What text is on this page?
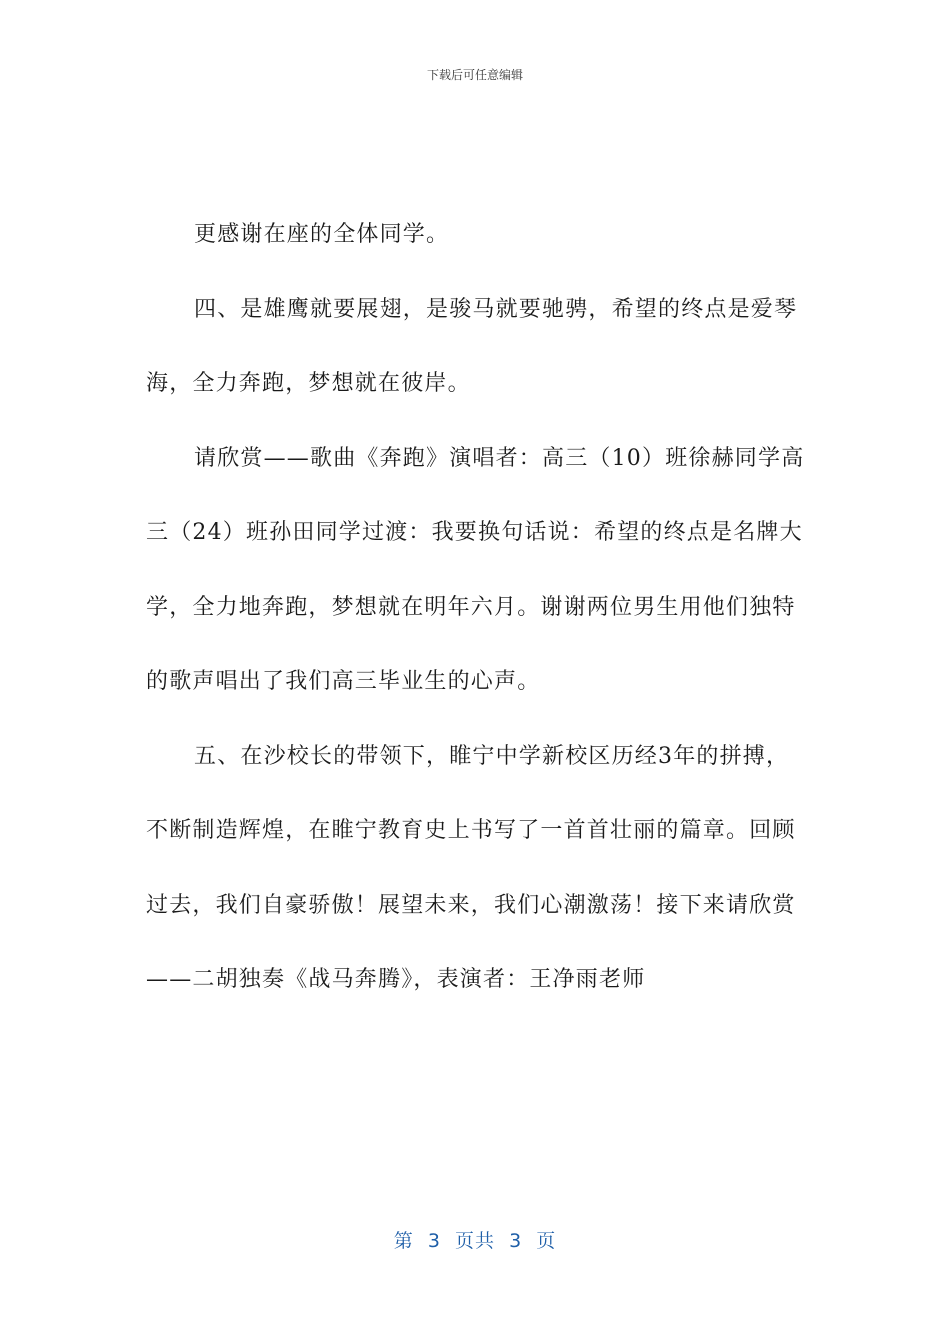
下载后可任意编辑

更感谢在座的全体同学。

四、是雄鹰就要展翅，是骏马就要驰骋，希望的终点是爱琴海，全力奔跑，梦想就在彼岸。

请欣赏——歌曲《奔跑》演唱者：高三（10）班徐赫同学高三（24）班孙田同学过渡：我要换句话说：希望的终点是名牌大学，全力地奔跑，梦想就在明年六月。谢谢两位男生用他们独特的歌声唱出了我们高三毕业生的心声。

五、在沙校长的带领下，睢宁中学新校区历经3年的拼搏，不断制造辉煌，在睢宁教育史上书写了一首首壮丽的篇章。回顾过去，我们自豪骄傲！展望未来，我们心潮激荡！接下来请欣赏——二胡独奏《战马奔腾》，表演者：王净雨老师

第  3  页共  3  页
